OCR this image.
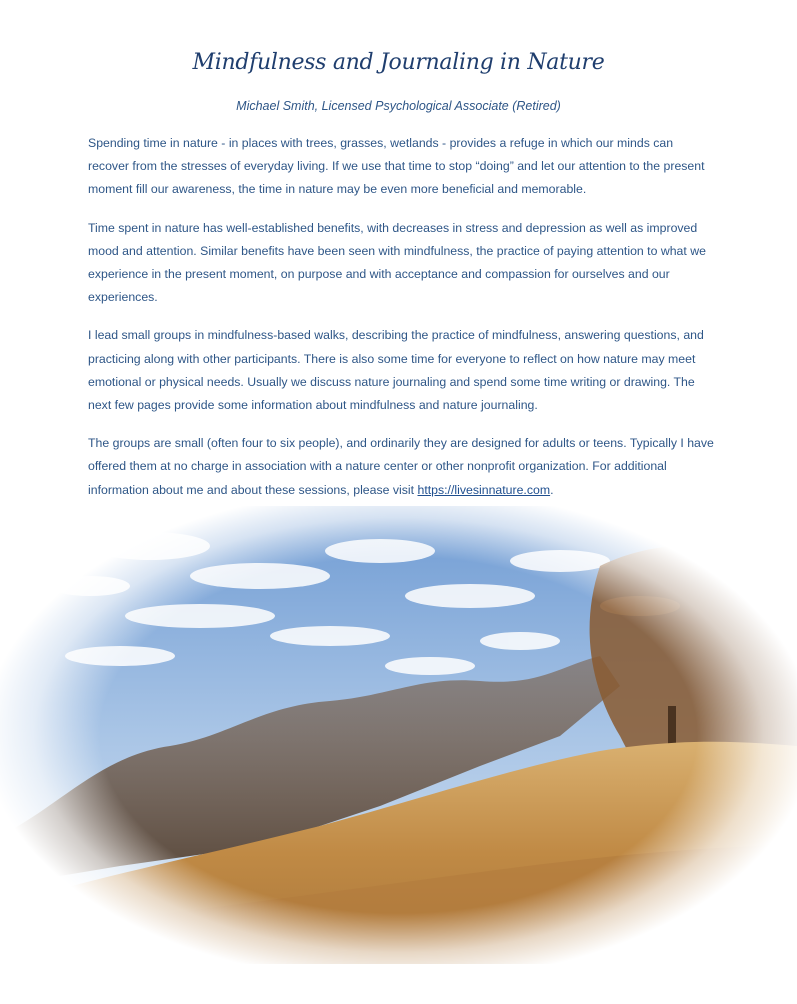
Mindfulness and Journaling in Nature
Michael Smith, Licensed Psychological Associate (Retired)

Spending time in nature - in places with trees, grasses, wetlands - provides a refuge in which our minds can recover from the stresses of everyday living. If we use that time to stop “doing” and let our attention to the present moment fill our awareness, the time in nature may be even more beneficial and memorable.

Time spent in nature has well-established benefits, with decreases in stress and depression as well as improved mood and attention. Similar benefits have been seen with mindfulness, the practice of paying attention to what we experience in the present moment, on purpose and with acceptance and compassion for ourselves and our experiences.

I lead small groups in mindfulness-based walks, describing the practice of mindfulness, answering questions, and practicing along with other participants. There is also some time for everyone to reflect on how nature may meet emotional or physical needs. Usually we discuss nature journaling and spend some time writing or drawing. The next few pages provide some information about mindfulness and nature journaling.

The groups are small (often four to six people), and ordinarily they are designed for adults or teens. Typically I have offered them at no charge in association with a nature center or other nonprofit organization. For additional information about me and about these sessions, please visit https://livesinnature.com.
